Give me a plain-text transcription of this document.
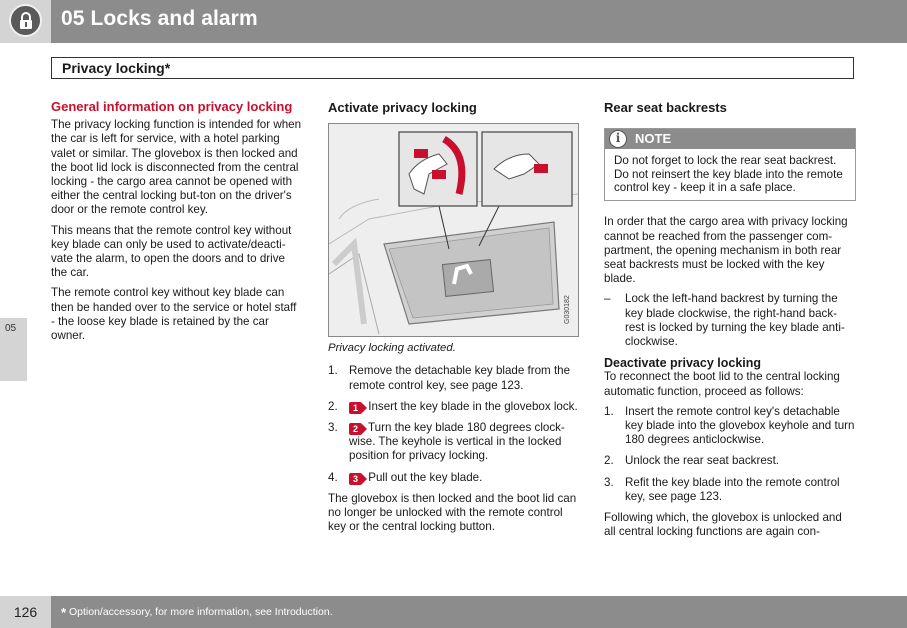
05 Locks and alarm
Privacy locking*
05
General information on privacy locking

The privacy locking function is intended for when the car is left for service, with a hotel parking valet or similar. The glovebox is then locked and the boot lid lock is disconnected from the central locking - the cargo area cannot be opened with either the central locking but-ton on the driver's door or the remote control key.

This means that the remote control key without key blade can only be used to activate/deacti-vate the alarm, to open the doors and to drive the car.

The remote control key without key blade can then be handed over to the service or hotel staff - the loose key blade is retained by the car owner.

Activate privacy locking
G030182
Privacy locking activated.
1. Remove the detachable key blade from the remote control key, see page 123.
2.	1 Insert the key blade in the glovebox lock.
3.	2 Turn the key blade 180 degrees clock-wise. The keyhole is vertical in the locked position for privacy locking.
4.	3 Pull out the key blade.

The glovebox is then locked and the boot lid can no longer be unlocked with the remote control key or the central locking button.

Rear seat backrests
i	NOTE
Do not forget to lock the rear seat backrest. Do not reinsert the key blade into the remote control key - keep it in a safe place.

In order that the cargo area with privacy locking cannot be reached from the passenger com-partment, the opening mechanism in both rear seat backrests must be locked with the key blade.

–	Lock the left-hand backrest by turning the key blade clockwise, the right-hand back-rest is locked by turning the key blade anti-clockwise.
Deactivate privacy locking

To reconnect the boot lid to the central locking automatic function, proceed as follows:

1. Insert the remote control key's detachable key blade into the glovebox keyhole and turn 180 degrees anticlockwise.
2. Unlock the rear seat backrest.
3. Refit the key blade into the remote control key, see page 123.

Following which, the glovebox is unlocked and all central locking functions are again con-

126	* Option/accessory, for more information, see Introduction.
